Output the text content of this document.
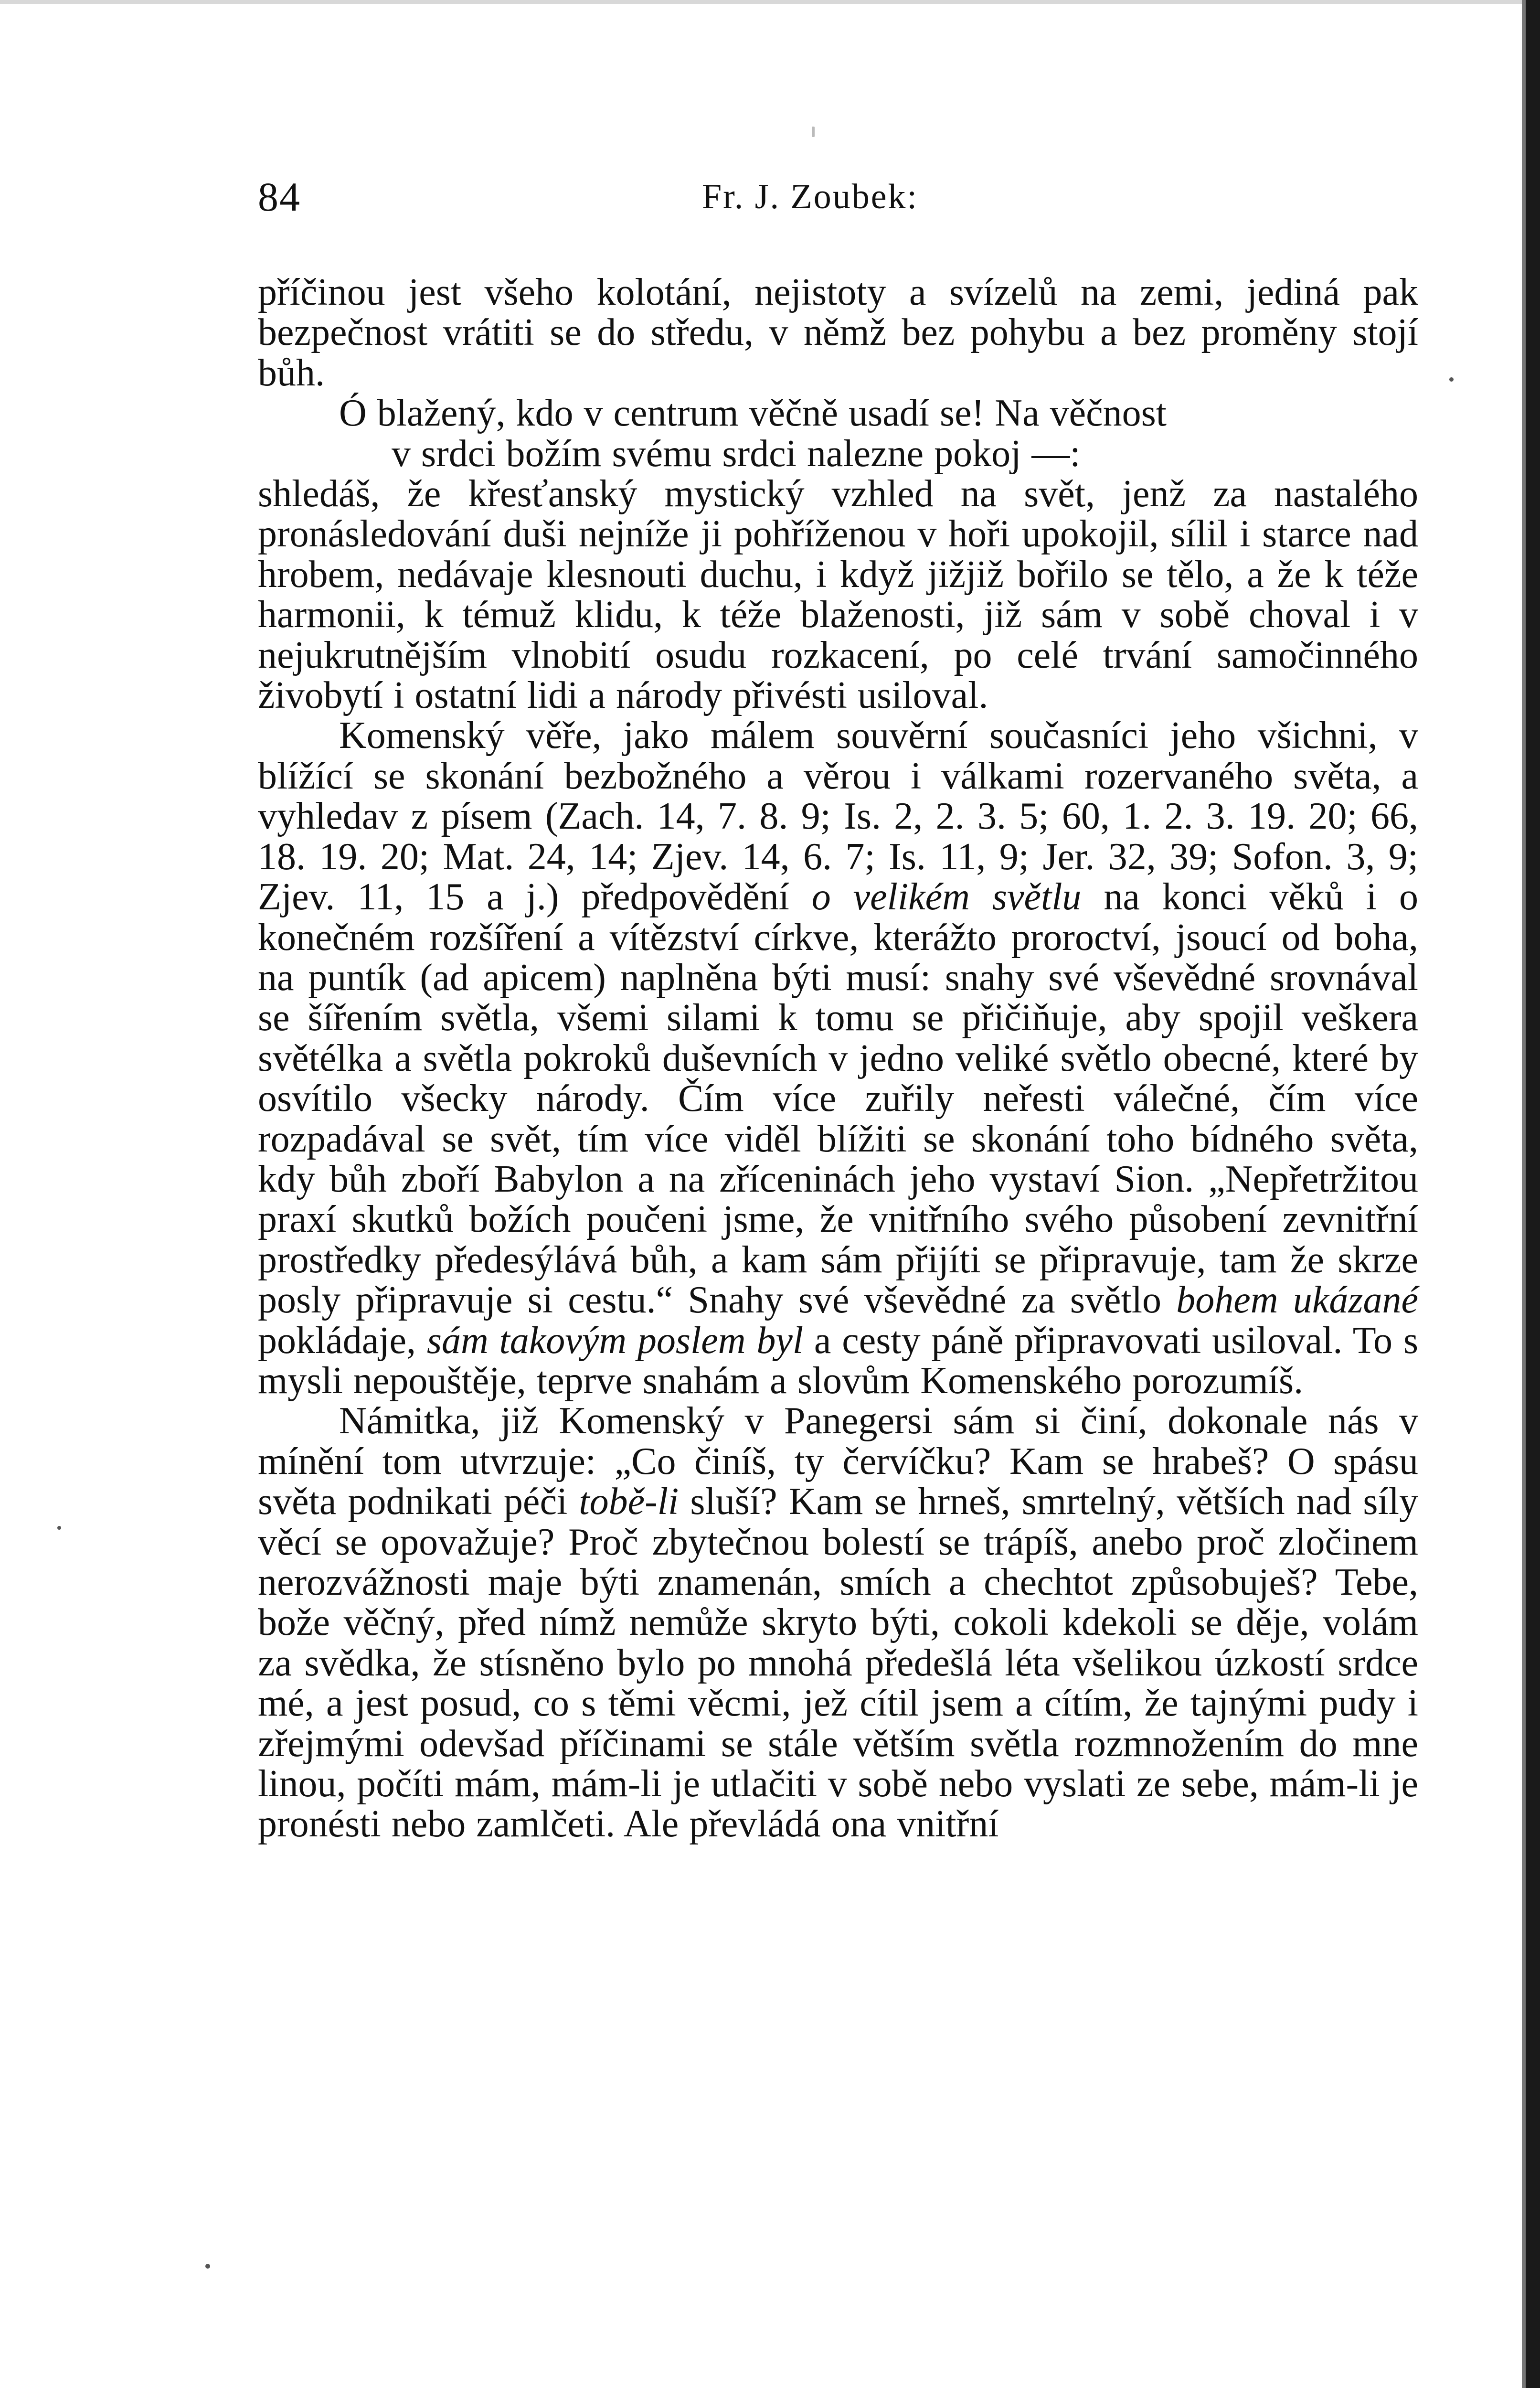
84	Fr. J. Zoubek:

příčinou jest všeho kolotání, nejistoty a svízelů na zemi, jediná pak bezpečnost vrátiti se do středu, v němž bez pohybu a bez proměny stojí bůh.

Ó blažený, kdo v centrum věčně usadí se! Na věčnost
v srdci božím svému srdci nalezne pokoj —:

shledáš, že křesťanský mystický vzhled na svět, jenž za nastalého pronásledování duši nejníže ji pohříženou v hoři upokojil, sílil i starce nad hrobem, nedávaje klesnouti duchu, i když jižjiž bořilo se tělo, a že k téže harmonii, k témuž klidu, k téže blaženosti, již sám v sobě choval i v nejukrutnějším vlnobití osudu rozkacení, po celé trvání samočinného živobytí i ostatní lidi a národy přivésti usiloval.

Komenský věře, jako málem souvěrní současníci jeho všichni, v blížící se skonání bezbožného a věrou i válkami rozervaného světa, a vyhledav z písem (Zach. 14, 7. 8. 9; Is. 2, 2. 3. 5; 60, 1. 2. 3. 19. 20; 66, 18. 19. 20; Mat. 24, 14; Zjev. 14, 6. 7; Is. 11, 9; Jer. 32, 39; Sofon. 3, 9; Zjev. 11, 15 a j.) předpovědění o velikém světlu na konci věků i o konečném rozšíření a vítězství církve, kterážto proroctví, jsoucí od boha, na puntík (ad apicem) naplněna býti musí: snahy své vševědné srovnával se šířením světla, všemi silami k tomu se přičiňuje, aby spojil veškera světélka a světla pokroků duševních v jedno veliké světlo obecné, které by osvítilo všecky národy. Čím více zuřily neřesti válečné, čím více rozpadával se svět, tím více viděl blížiti se skonání toho bídného světa, kdy bůh zboří Babylon a na zříceninách jeho vystaví Sion. „Nepřetržitou praxí skutků božích poučeni jsme, že vnitřního svého působení zevnitřní prostředky předesýlává bůh, a kam sám přijíti se připravuje, tam že skrze posly připravuje si cestu.“ Snahy své vševědné za světlo bohem ukázané pokládaje, sám takovým poslem byl a cesty páně připravovati usiloval. To s mysli nepouštěje, teprve snahám a slovům Komenského porozumíš.

Námitka, již Komenský v Panegersi sám si činí, dokonale nás v mínění tom utvrzuje: „Co činíš, ty červíčku? Kam se hrabeš? O spásu světa podnikati péči tobě-li sluší? Kam se hrneš, smrtelný, větších nad síly věcí se opovažuje? Proč zbytečnou bolestí se trápíš, anebo proč zločinem nerozvážnosti maje býti znamenán, smích a chechtot způsobuješ? Tebe, bože věčný, před nímž nemůže skryto býti, cokoli kdekoli se děje, volám za svědka, že stísněno bylo po mnohá předešlá léta všelikou úzkostí srdce mé, a jest posud, co s těmi věcmi, jež cítil jsem a cítím, že tajnými pudy i zřejmými odevšad příčinami se stále větším světla rozmnožením do mne linou, počíti mám, mám-li je utlačiti v sobě nebo vyslati ze sebe, mám-li je pronésti nebo zamlčeti. Ale převládá ona vnitřní
